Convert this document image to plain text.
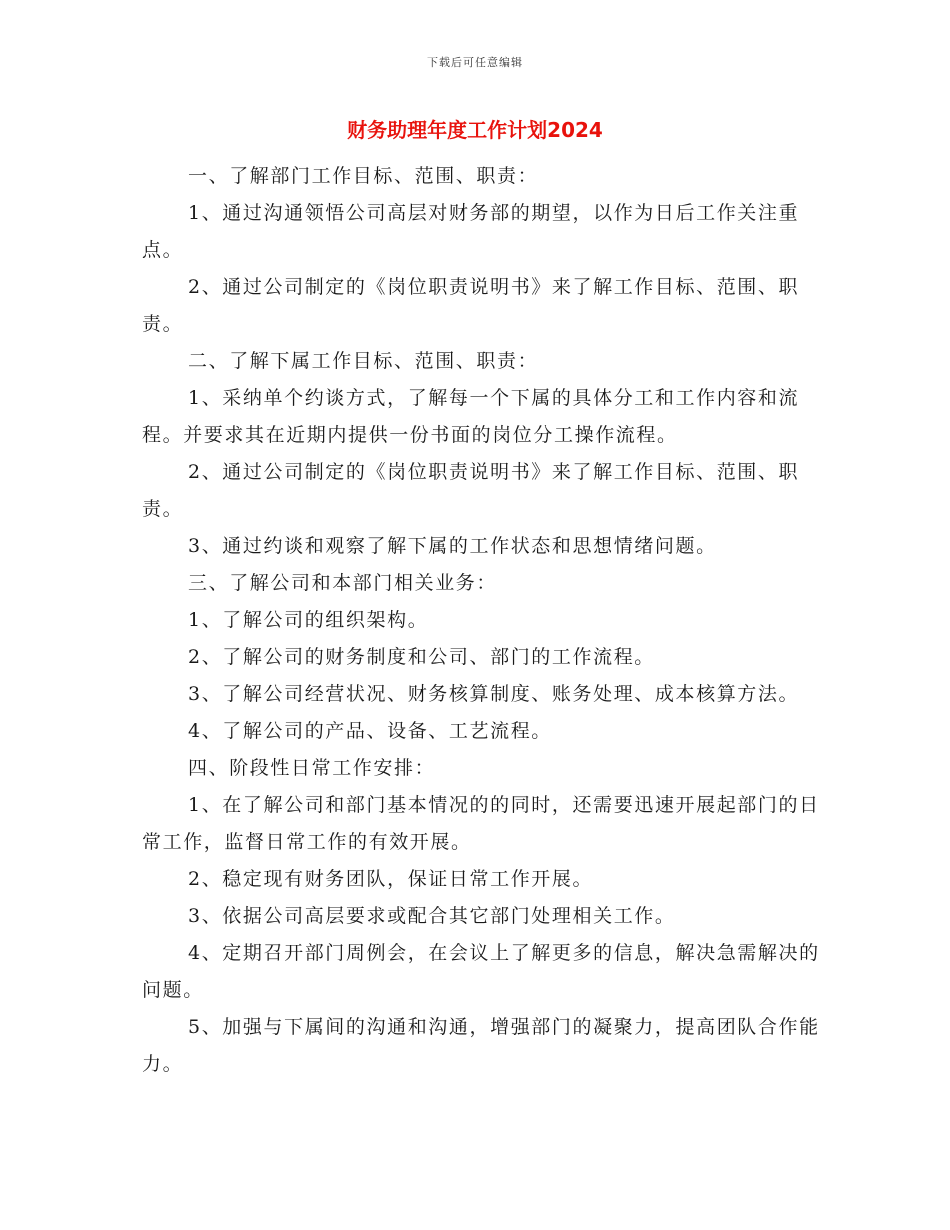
下载后可任意编辑
财务助理年度工作计划2024

一、了解部门工作目标、范围、职责：

1、通过沟通领悟公司高层对财务部的期望，以作为日后工作关注重点。

2、通过公司制定的《岗位职责说明书》来了解工作目标、范围、职责。

二、了解下属工作目标、范围、职责：

1、采纳单个约谈方式，了解每一个下属的具体分工和工作内容和流程。并要求其在近期内提供一份书面的岗位分工操作流程。

2、通过公司制定的《岗位职责说明书》来了解工作目标、范围、职责。

3、通过约谈和观察了解下属的工作状态和思想情绪问题。

三、了解公司和本部门相关业务：

1、了解公司的组织架构。

2、了解公司的财务制度和公司、部门的工作流程。

3、了解公司经营状况、财务核算制度、账务处理、成本核算方法。

4、了解公司的产品、设备、工艺流程。

四、阶段性日常工作安排：

1、在了解公司和部门基本情况的的同时，还需要迅速开展起部门的日常工作，监督日常工作的有效开展。

2、稳定现有财务团队，保证日常工作开展。

3、依据公司高层要求或配合其它部门处理相关工作。

4、定期召开部门周例会，在会议上了解更多的信息，解决急需解决的问题。

5、加强与下属间的沟通和沟通，增强部门的凝聚力，提高团队合作能力。
